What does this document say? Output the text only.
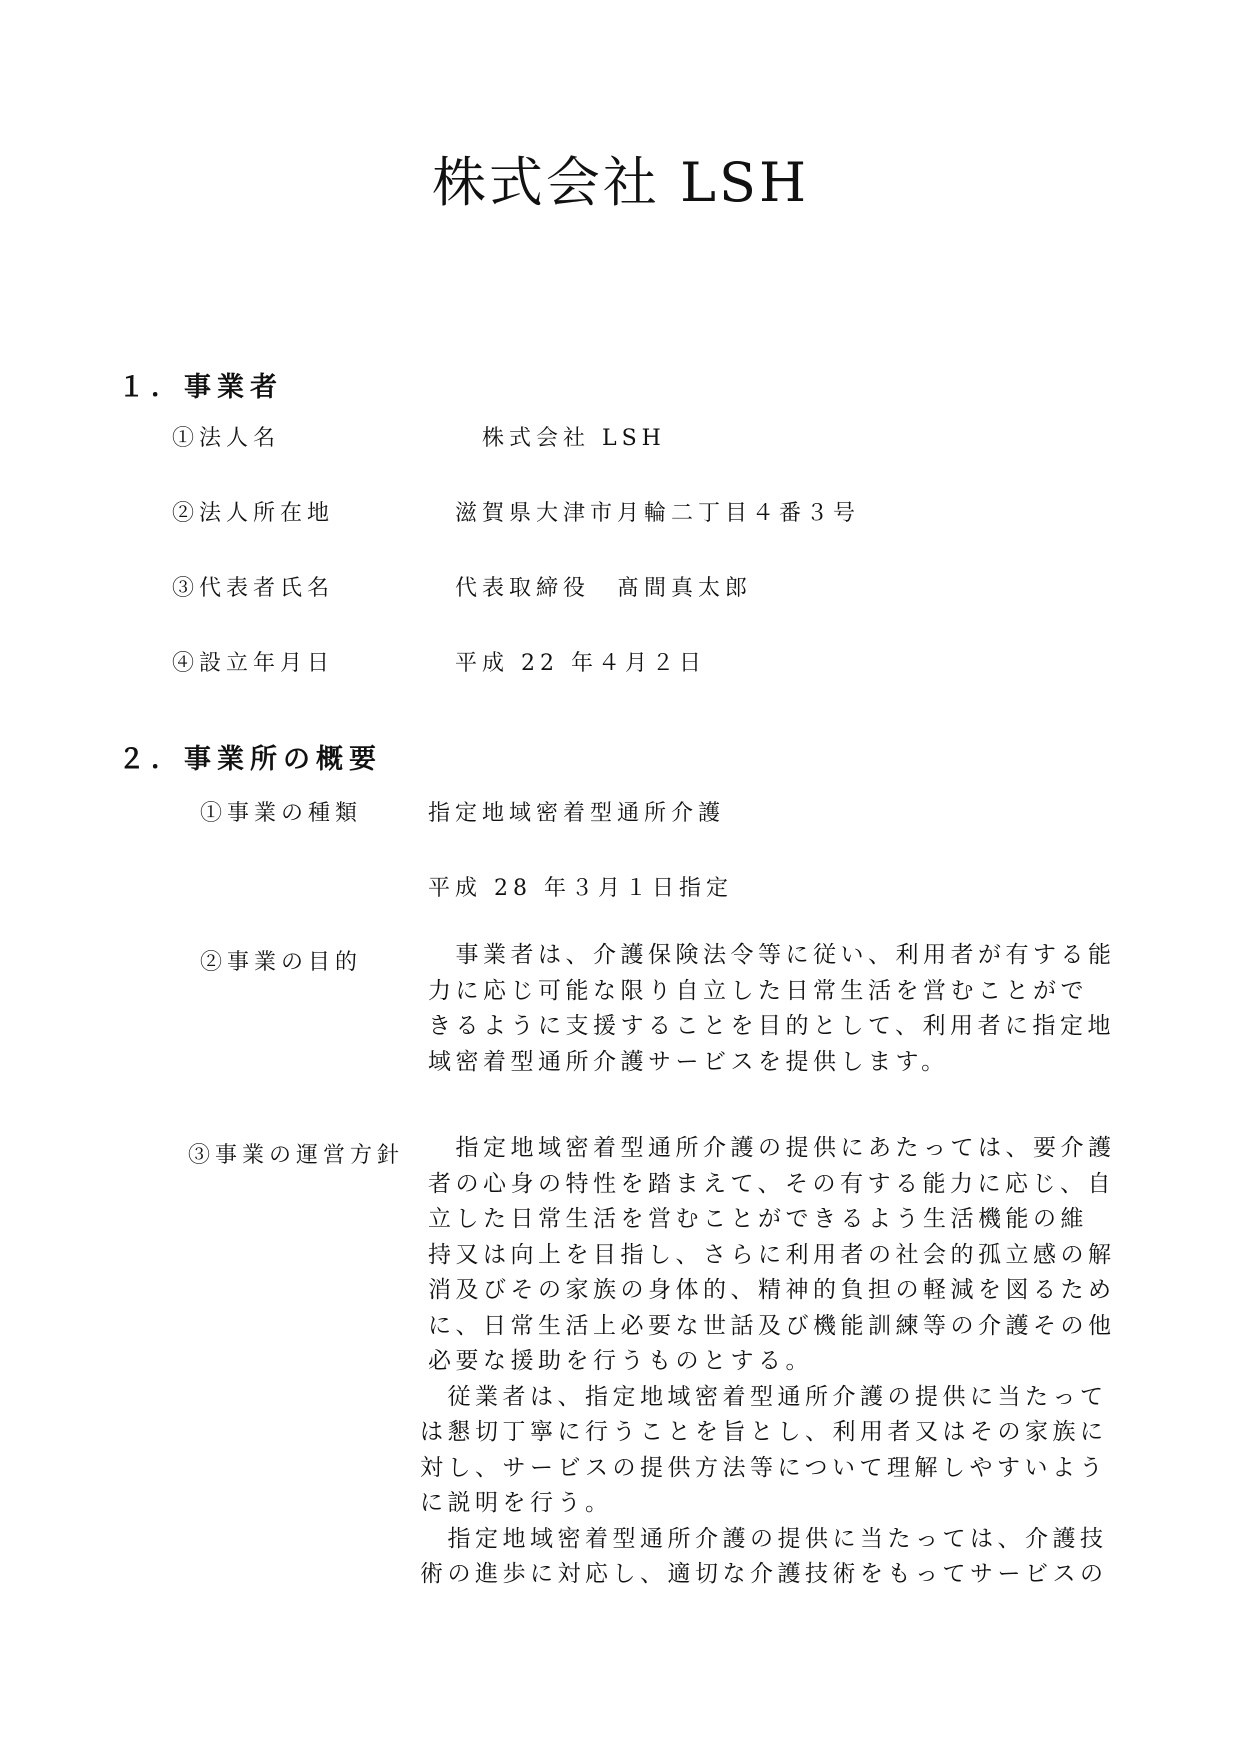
株式会社 LSH
１．事業者
①法人名	株式会社 LSH
②法人所在地	滋賀県大津市月輪二丁目４番３号
③代表者氏名	代表取締役　髙間真太郎
④設立年月日	平成 22 年４月２日
２．事業所の概要
①事業の種類	指定地域密着型通所介護
平成 28 年３月１日指定
②事業の目的	　事業者は、介護保険法令等に従い、利用者が有する能

力に応じ可能な限り自立した日常生活を営むことがで

きるように支援することを目的として、利用者に指定地

域密着型通所介護サービスを提供します。

③事業の運営方針 　指定地域密着型通所介護の提供にあたっては、要介護

者の心身の特性を踏まえて、その有する能力に応じ、自

立した日常生活を営むことができるよう生活機能の維

持又は向上を目指し、さらに利用者の社会的孤立感の解

消及びその家族の身体的、精神的負担の軽減を図るため

に、日常生活上必要な世話及び機能訓練等の介護その他

必要な援助を行うものとする。

　従業者は、指定地域密着型通所介護の提供に当たって

は懇切丁寧に行うことを旨とし、利用者又はその家族に

対し、サービスの提供方法等について理解しやすいよう

に説明を行う。

　指定地域密着型通所介護の提供に当たっては、介護技

術の進歩に対応し、適切な介護技術をもってサービスの
